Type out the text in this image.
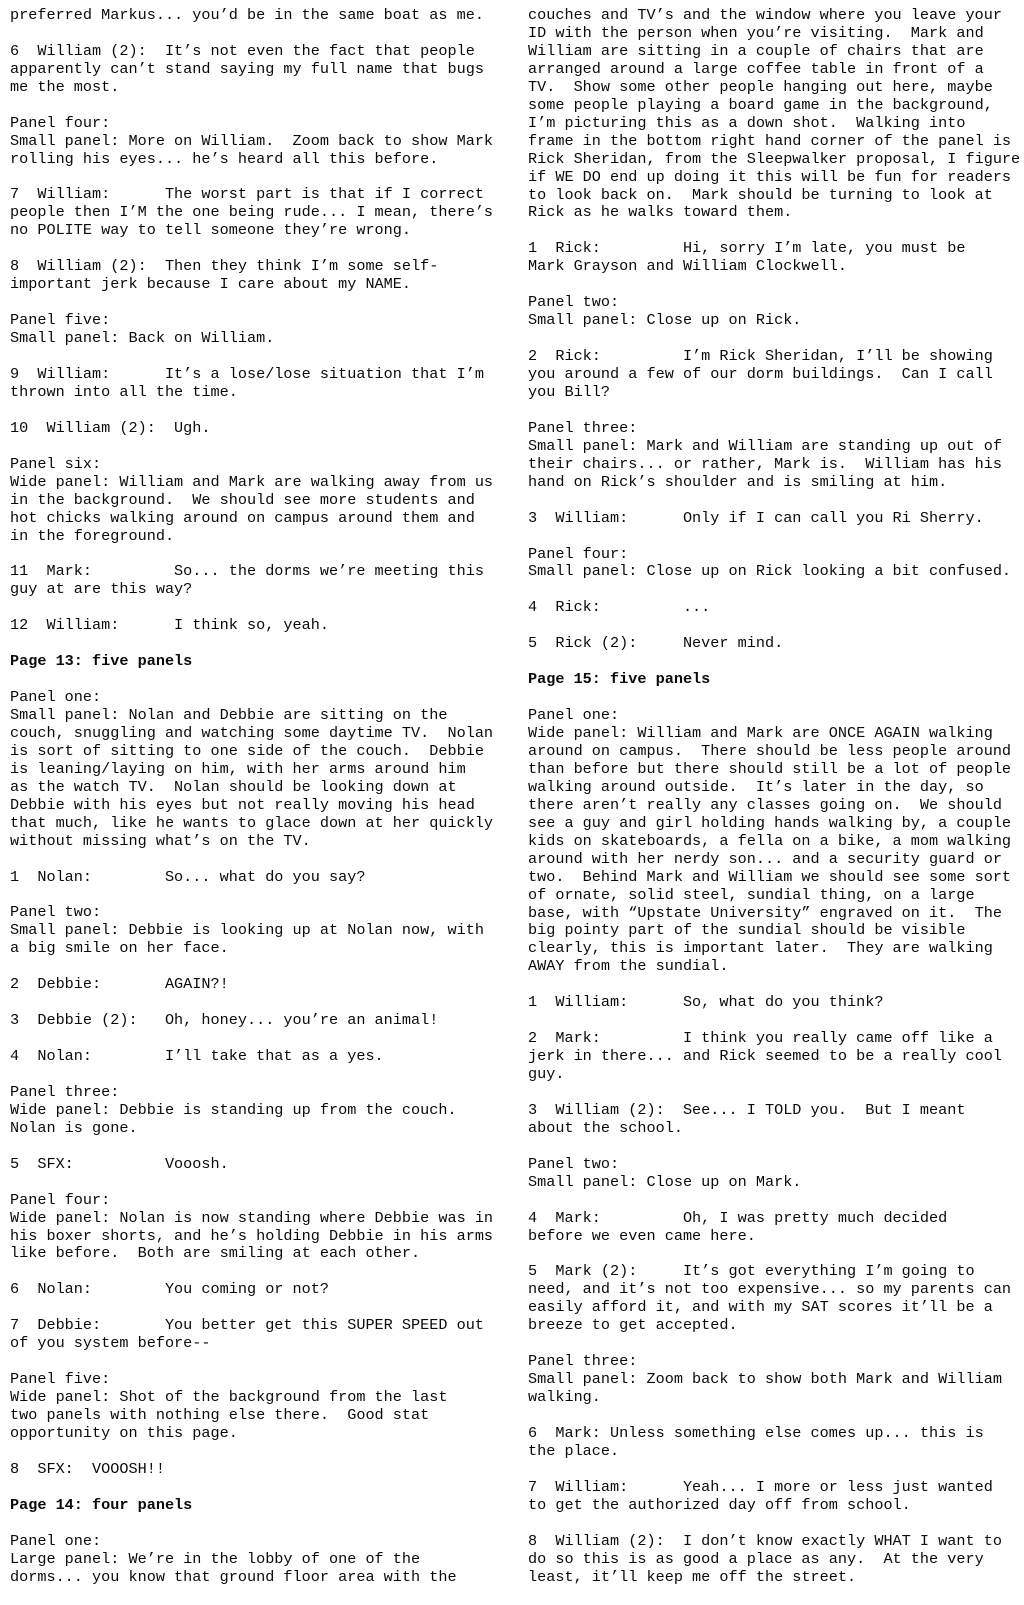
preferred Markus... you’d be in the same boat as me.
6  William (2):  It’s not even the fact that people
apparently can’t stand saying my full name that bugs
me the most.
Panel four:
Small panel: More on William.  Zoom back to show Mark
rolling his eyes... he’s heard all this before.
7  William:      The worst part is that if I correct
people then I’M the one being rude... I mean, there’s
no POLITE way to tell someone they’re wrong.
8  William (2):  Then they think I’m some self-
important jerk because I care about my NAME.
Panel five:
Small panel: Back on William.
9  William:      It’s a lose/lose situation that I’m
thrown into all the time.
10  William (2):  Ugh.
Panel six:
Wide panel: William and Mark are walking away from us
in the background.  We should see more students and
hot chicks walking around on campus around them and
in the foreground.
11  Mark:         So... the dorms we’re meeting this
guy at are this way?
12  William:      I think so, yeah.
Page 13: five panels
Panel one:
Small panel: Nolan and Debbie are sitting on the
couch, snuggling and watching some daytime TV.  Nolan
is sort of sitting to one side of the couch.  Debbie
is leaning/laying on him, with her arms around him
as the watch TV.  Nolan should be looking down at
Debbie with his eyes but not really moving his head
that much, like he wants to glace down at her quickly
without missing what’s on the TV.
1  Nolan:        So... what do you say?
Panel two:
Small panel: Debbie is looking up at Nolan now, with
a big smile on her face.
2  Debbie:       AGAIN?!
3  Debbie (2):   Oh, honey... you’re an animal!
4  Nolan:        I’ll take that as a yes.
Panel three:
Wide panel: Debbie is standing up from the couch.
Nolan is gone.
5  SFX:          Vooosh.
Panel four:
Wide panel: Nolan is now standing where Debbie was in
his boxer shorts, and he’s holding Debbie in his arms
like before.  Both are smiling at each other.
6  Nolan:        You coming or not?
7  Debbie:       You better get this SUPER SPEED out
of you system before--
Panel five:
Wide panel: Shot of the background from the last
two panels with nothing else there.  Good stat
opportunity on this page.
8  SFX:  VOOOSH!!
Page 14: four panels
Panel one:
Large panel: We’re in the lobby of one of the
dorms... you know that ground floor area with the
couches and TV’s and the window where you leave your
ID with the person when you’re visiting.  Mark and
William are sitting in a couple of chairs that are
arranged around a large coffee table in front of a
TV.  Show some other people hanging out here, maybe
some people playing a board game in the background,
I’m picturing this as a down shot.  Walking into
frame in the bottom right hand corner of the panel is
Rick Sheridan, from the Sleepwalker proposal, I figure
if WE DO end up doing it this will be fun for readers
to look back on.  Mark should be turning to look at
Rick as he walks toward them.
1  Rick:         Hi, sorry I’m late, you must be
Mark Grayson and William Clockwell.
Panel two:
Small panel: Close up on Rick.
2  Rick:         I’m Rick Sheridan, I’ll be showing
you around a few of our dorm buildings.  Can I call
you Bill?
Panel three:
Small panel: Mark and William are standing up out of
their chairs... or rather, Mark is.  William has his
hand on Rick’s shoulder and is smiling at him.
3  William:      Only if I can call you Ri Sherry.
Panel four:
Small panel: Close up on Rick looking a bit confused.
4  Rick:         ...
5  Rick (2):     Never mind.
Page 15: five panels
Panel one:
Wide panel: William and Mark are ONCE AGAIN walking
around on campus.  There should be less people around
than before but there should still be a lot of people
walking around outside.  It’s later in the day, so
there aren’t really any classes going on.  We should
see a guy and girl holding hands walking by, a couple
kids on skateboards, a fella on a bike, a mom walking
around with her nerdy son... and a security guard or
two.  Behind Mark and William we should see some sort
of ornate, solid steel, sundial thing, on a large
base, with “Upstate University” engraved on it.  The
big pointy part of the sundial should be visible
clearly, this is important later.  They are walking
AWAY from the sundial.
1  William:      So, what do you think?
2  Mark:         I think you really came off like a
jerk in there... and Rick seemed to be a really cool
guy.
3  William (2):  See... I TOLD you.  But I meant
about the school.
Panel two:
Small panel: Close up on Mark.
4  Mark:         Oh, I was pretty much decided
before we even came here.
5  Mark (2):     It’s got everything I’m going to
need, and it’s not too expensive... so my parents can
easily afford it, and with my SAT scores it’ll be a
breeze to get accepted.
Panel three:
Small panel: Zoom back to show both Mark and William
walking.
6  Mark: Unless something else comes up... this is
the place.
7  William:      Yeah... I more or less just wanted
to get the authorized day off from school.
8  William (2):  I don’t know exactly WHAT I want to
do so this is as good a place as any.  At the very
least, it’ll keep me off the street.
